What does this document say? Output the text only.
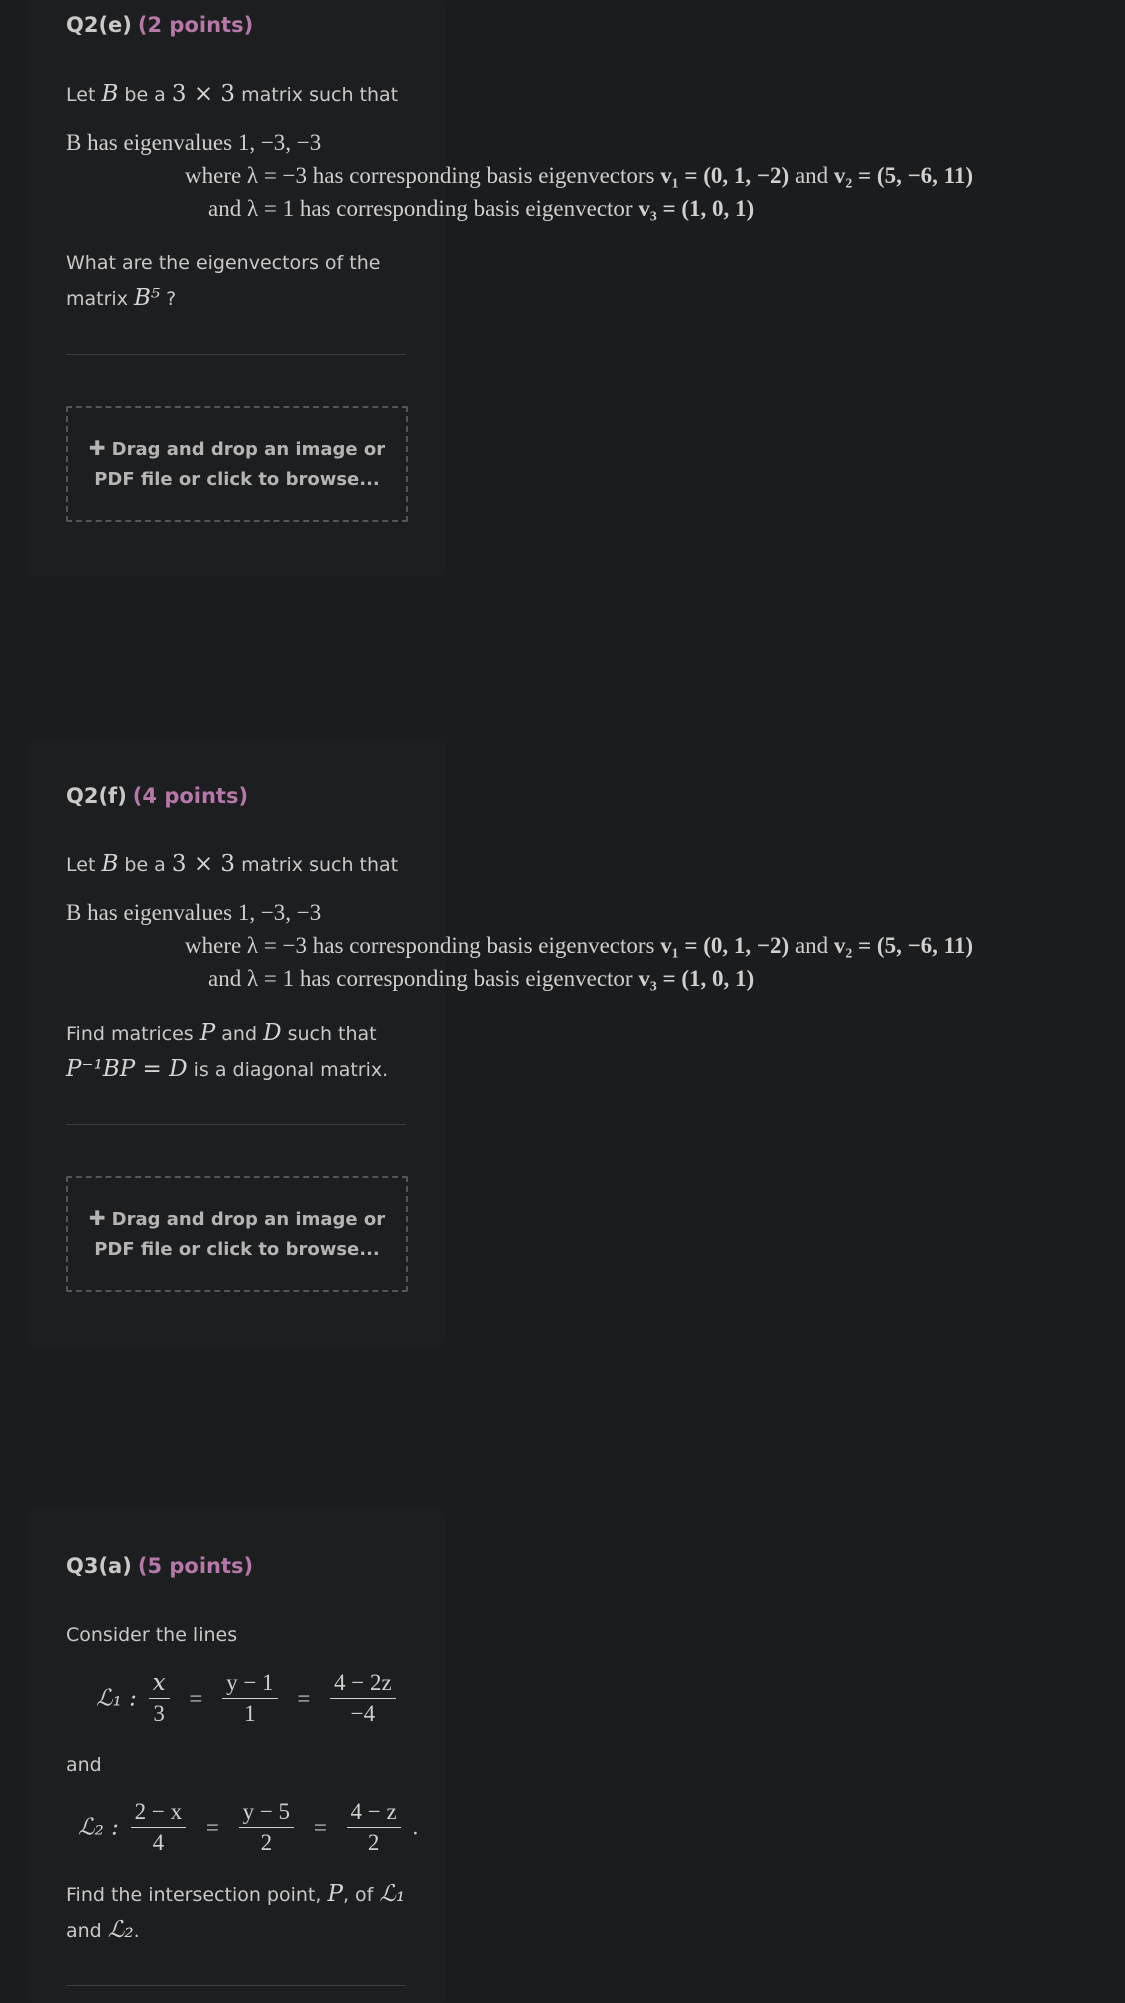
Q2(e) (2 points)
Let B be a 3 × 3 matrix such that
B has eigenvalues 1, −3, −3
where λ = −3 has corresponding basis eigenvectors v₁ = (0, 1, −2) and v₂ = (5, −6, 11)
and λ = 1 has corresponding basis eigenvector v₃ = (1, 0, 1)
What are the eigenvectors of the
matrix B⁵ ?
✚ Drag and drop an image or
PDF file or click to browse...
Q2(f) (4 points)
Let B be a 3 × 3 matrix such that
B has eigenvalues 1, −3, −3
where λ = −3 has corresponding basis eigenvectors v₁ = (0, 1, −2) and v₂ = (5, −6, 11)
and λ = 1 has corresponding basis eigenvector v₃ = (1, 0, 1)
Find matrices P and D such that
P⁻¹BP = D is a diagonal matrix.
✚ Drag and drop an image or
PDF file or click to browse...
Q3(a) (5 points)
Consider the lines
ℒ₁ : $\frac{x}{3} = \frac{y - 1}{1} = \frac{4 - 2z}{-4}$
and
ℒ₂ : $\frac{2 - x}{4} = \frac{y - 5}{2} = \frac{4 - z}{2}$ .
Find the intersection point, P, of ℒ₁
and ℒ₂.
